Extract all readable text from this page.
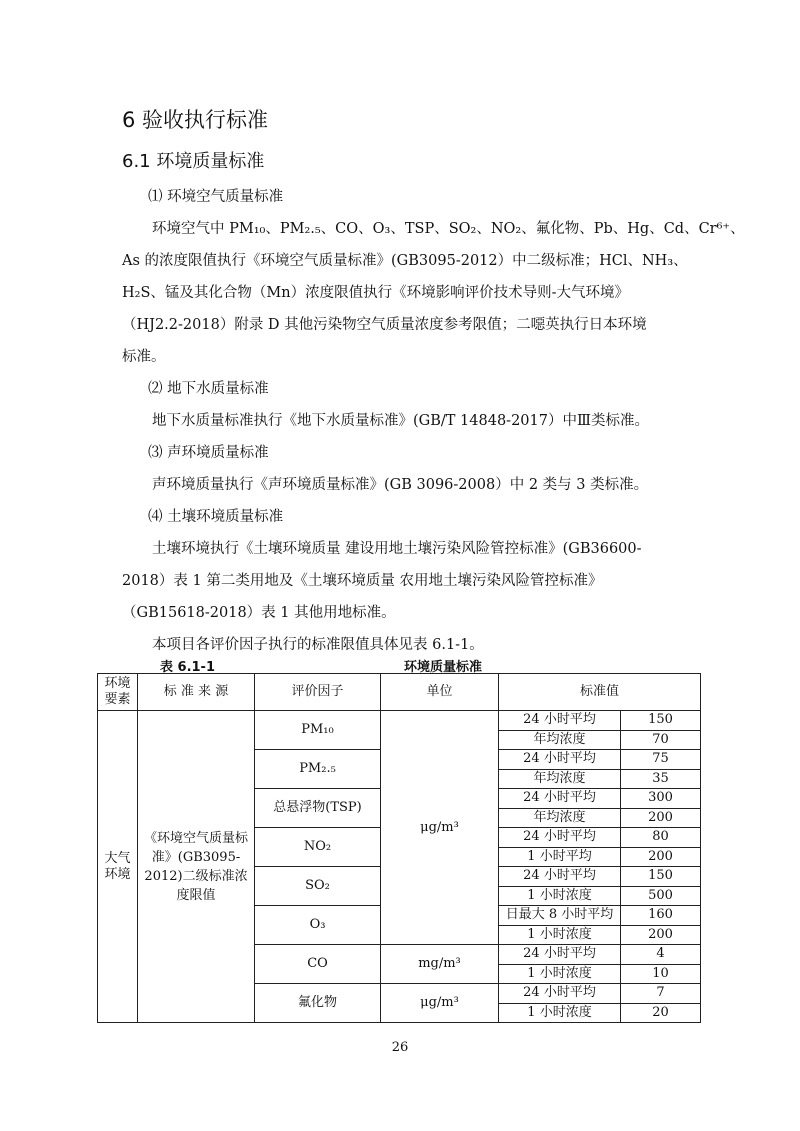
6 验收执行标准
6.1 环境质量标准
⑴ 环境空气质量标准
环境空气中 PM₁₀、PM₂.₅、CO、O₃、TSP、SO₂、NO₂、氟化物、Pb、Hg、Cd、Cr⁶⁺、
As 的浓度限值执行《环境空气质量标准》(GB3095-2012）中二级标准；HCl、NH₃、
H₂S、锰及其化合物（Mn）浓度限值执行《环境影响评价技术导则-大气环境》
（HJ2.2-2018）附录 D 其他污染物空气质量浓度参考限值；二噁英执行日本环境
标准。
⑵ 地下水质量标准
地下水质量标准执行《地下水质量标准》(GB/T 14848-2017）中Ⅲ类标准。
⑶ 声环境质量标准
声环境质量执行《声环境质量标准》(GB 3096-2008）中 2 类与 3 类标准。
⑷ 土壤环境质量标准
土壤环境执行《土壤环境质量 建设用地土壤污染风险管控标准》(GB36600-
2018）表 1 第二类用地及《土壤环境质量 农用地土壤污染风险管控标准》
（GB15618-2018）表 1 其他用地标准。
本项目各评价因子执行的标准限值具体见表 6.1-1。
表 6.1-1	环境质量标准
环境要素	标 准 来 源	评价因子	单位	标准值	
大气环境	《环境空气质量标准》(GB3095-2012)二级标准浓度限值	PM₁₀	μg/m³	24 小时平均	150
				年均浓度	70
		PM₂.₅		24 小时平均	75
				年均浓度	35
		总悬浮物(TSP)		24 小时平均	300
				年均浓度	200
		NO₂		24 小时平均	80
				1 小时平均	200
		SO₂		24 小时平均	150
				1 小时浓度	500
		O₃		日最大 8 小时平均	160
				1 小时浓度	200
		CO	mg/m³	24 小时平均	4
				1 小时浓度	10
		氟化物	μg/m³	24 小时平均	7
				1 小时浓度	20
26
